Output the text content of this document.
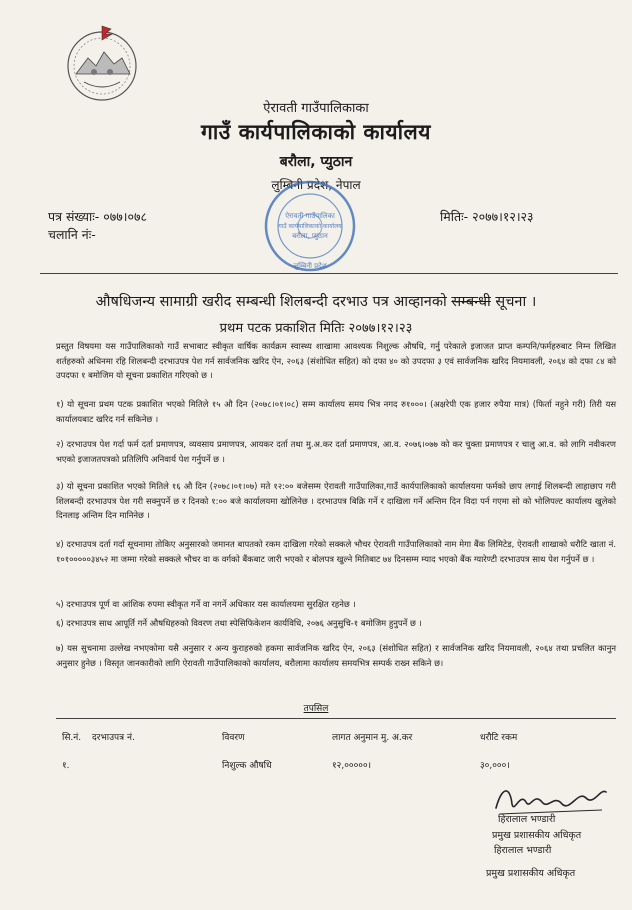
ऐरावती गाउँपालिकाका
गाउँ कार्यपालिकाको कार्यालय
बरौला, प्युठान
लुम्बिनी प्रदेश, नेपाल
ऐरावती गाउँपालिका
गाउँ कार्यपालिकाको कार्यालय
बरौला, प्युठान
लुम्बिनी प्रदेश
पत्र संख्याः- ०७७।०७८
चलानि नंः-
मितिः- २०७७।१२।२३
औषधिजन्य सामाग्री खरीद सम्बन्धी शिलबन्दी दरभाउ पत्र आव्हानको सम्बन्धी सूचना ।
प्रथम पटक प्रकाशित मितिः २०७७।१२।२३
प्रस्तुत विषयमा यस गाउँपालिकाको गाउँ सभाबाट स्वीकृत वार्षिक कार्यक्रम स्वास्थ्य शाखामा आवश्यक निशुल्क औषधि, गर्नु परेकाले इजाजत प्राप्त कम्पनि/फर्महरुबाट निम्न लिखित शर्तहरुको अधिनमा रहि शिलबन्दी दरभाउपत्र पेश गर्न सार्वजनिक खरिद ऐन, २०६३ (संशोधित सहित) को दफा ४० को उपदफा ३ एवं सार्वजनिक खरिद नियमावली, २०६४ को दफा ८४ को उपदफा १ बमोजिम यो सूचना प्रकाशित गरिएको छ ।
१) यो सूचना प्रथम पटक प्रकाशित भएको मितिले १५ औ दिन (२०७८।०१।०८) सम्म कार्यालय समय भित्र नगद रु१०००। (अक्षरेपी एक हजार रुपैया मात्र) (फिर्ता नहुने गरी) तिरी यस कार्यालयबाट खरिद गर्न सकिनेछ ।
२) दरभाउपत्र पेश गर्दा फर्म दर्ता प्रमाणपत्र, व्यवसाय प्रमाणपत्र, आयकर दर्ता तथा मु.अ.कर दर्ता प्रमाणपत्र, आ.व. २०७६।०७७ को कर चुक्ता प्रमाणपत्र र चालु आ.व. को लागि नवीकरण भएको इजाजतपत्रको प्रतिलिपि अनिवार्य पेश गर्नुपर्ने छ ।
३) यो सूचना प्रकाशित भएको मितिले १६ औ दिन (२०७८।०१।०७) मते १२:०० बजेसम्म ऐरावती गाउँपालिका,गाउँ कार्यपालिकाको कार्यालयमा फर्मको छाप लगाई शिलबन्दी लाहाछाप गरी शिलबन्दी दरभाउपत्र पेश गरी सक्नुपर्ने छ र दिनको १:०० बजे कार्यालयमा खोलिनेछ । दरभाउपत्र बिक्रि गर्ने र दाखिला गर्ने अन्तिम दिन विदा पर्न गएमा सो को भोलिपल्ट कार्यालय खुलेको दिनलाइ अन्तिम दिन मानिनेछ ।
४) दरभाउपत्र दर्ता गर्दा सूचनामा तोकिए अनुसारको जमानत बापतको रकम दाखिला गरेको सक्कले भौचर ऐरावती गाउँपालिकाको नाम मेगा बैंक लिमिटेड, ऐरावती शाखाको धरौटि खाता नं. १०१०००००३४५२ मा जम्मा गरेको सक्कले भौचर वा क वर्गको बैंकबाट जारी भएको र बोलपत्र खुल्ने मितिबाट ७४ दिनसम्म म्याद भएको बैंक ग्यारेण्टी दरभाउपत्र साथ पेश गर्नुपर्ने छ ।
५) दरभाउपत्र पूर्ण वा आंशिक रुपमा स्वीकृत गर्ने वा नगर्ने अधिकार यस कार्यालयमा सुरक्षित रहनेछ ।
६) दरभाउपत्र साथ आपूर्ति गर्ने औषधिहरुको विवरण तथा स्पेसिफिकेशन कार्यविधि, २०७६ अनुसुचि-१ बमोजिम हुनुपर्ने छ ।
७) यस सुचनामा उल्लेख नभएकोमा यसै अनुसार र अन्य कुराहरुको हकमा सार्वजनिक खरिद ऐन, २०६३ (संशोधित सहित) र सार्वजनिक खरिद नियमावली, २०६४ तथा प्रचलित कानुन अनुसार हुनेछ । विस्तृत जानकारीको लागि ऐरावती गाउँपालिकाको कार्यालय, बरौलामा कार्यालय समयभित्र सम्पर्क राख्न सकिने छ।
तपसिल
सि.नं. दरभाउपत्र नं.	विवरण	लागत अनुमान मु. अ.कर	धरौटि रकम
१.	निशुल्क औषधि	१२,०००००।	३०,०००।
हिरालाल भण्डारी
प्रमुख प्रशासकीय अधिकृत
हिरालाल भण्डारी
प्रमुख प्रशासकीय अधिकृत
